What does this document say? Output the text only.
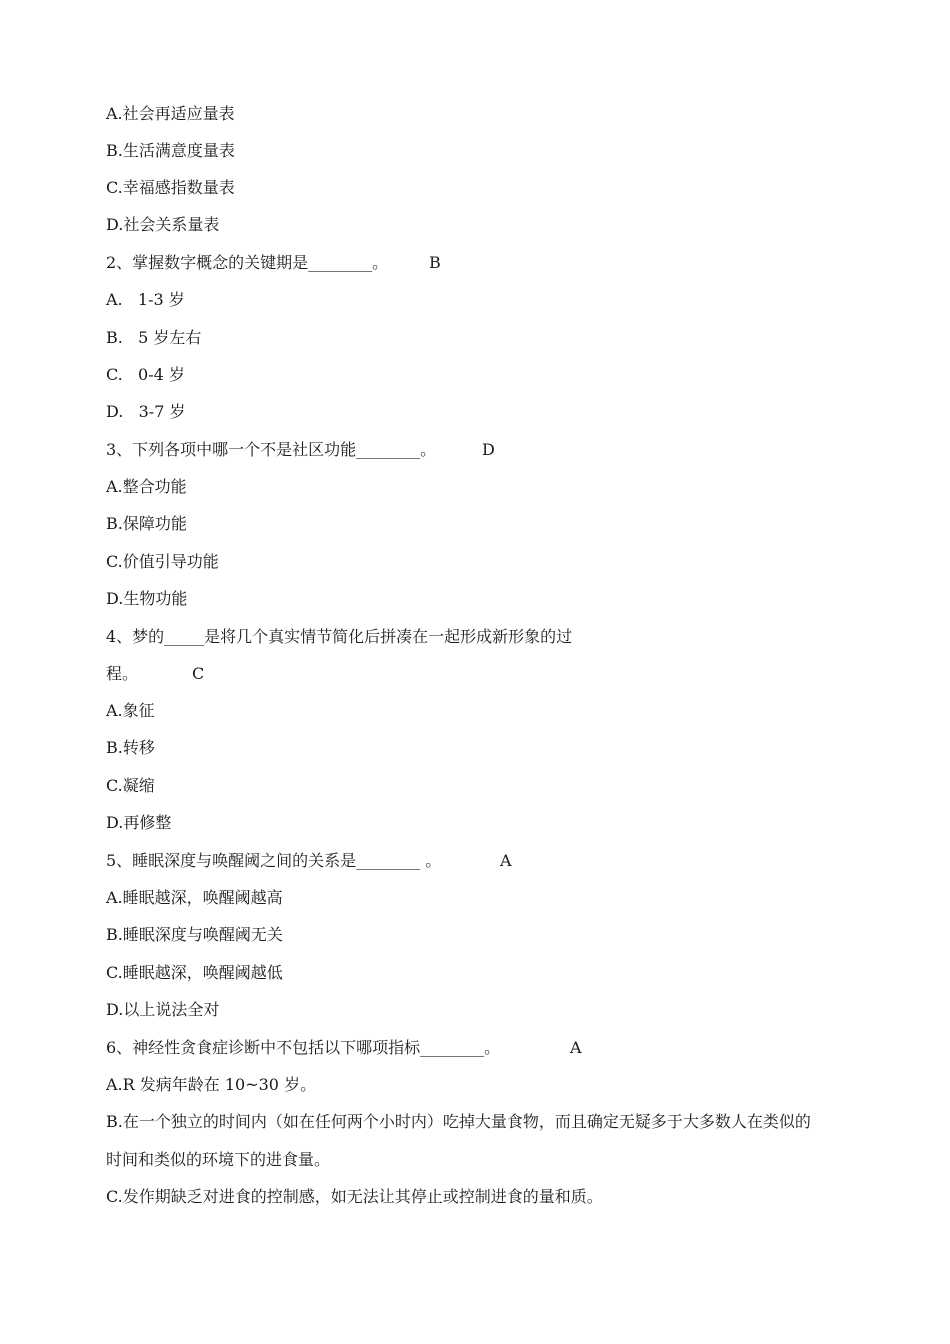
A.社会再适应量表
B.生活满意度量表
C.幸福感指数量表
D.社会关系量表
2、掌握数字概念的关键期是________。	B
A.   1-3 岁
B.   5 岁左右
C.   0-4 岁
D.   3-7 岁
3、下列各项中哪一个不是社区功能________。	D
A.整合功能
B.保障功能
C.价值引导功能
D.生物功能
4、梦的_____是将几个真实情节简化后拼凑在一起形成新形象的过
程。	C
A.象征
B.转移
C.凝缩
D.再修整
5、睡眠深度与唤醒阈之间的关系是________ 。	A
A.睡眠越深，唤醒阈越高
B.睡眠深度与唤醒阈无关
C.睡眠越深，唤醒阈越低
D.以上说法全对
6、神经性贪食症诊断中不包括以下哪项指标________。	A
A.R 发病年龄在 10~30 岁。
B.在一个独立的时间内（如在任何两个小时内）吃掉大量食物，而且确定无疑多于大多数人在类似的
时间和类似的环境下的进食量。
C.发作期缺乏对进食的控制感，如无法让其停止或控制进食的量和质。
